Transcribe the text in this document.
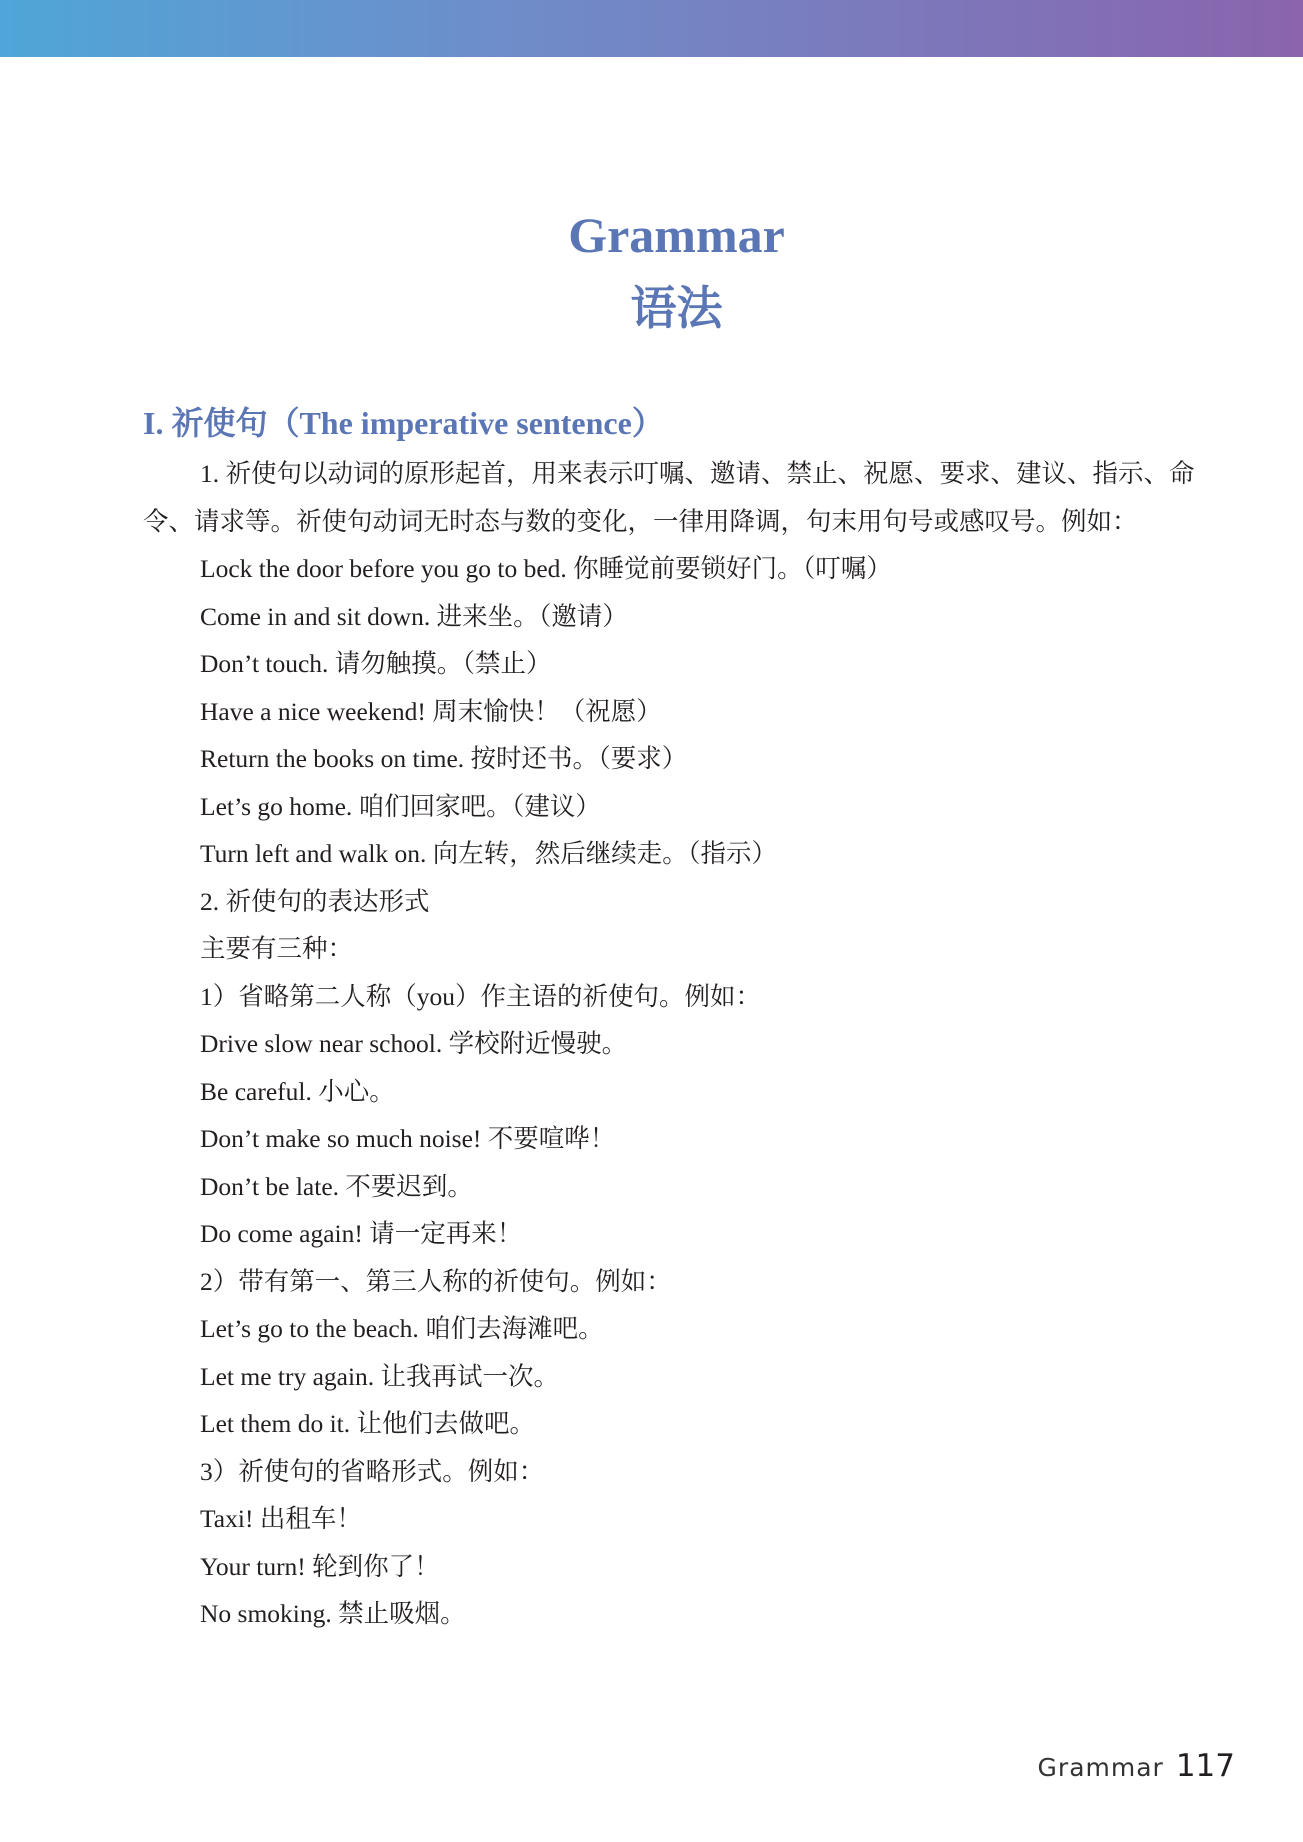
Grammar
语法
I. 祈使句（The imperative sentence）

1. 祈使句以动词的原形起首，用来表示叮嘱、邀请、禁止、祝愿、要求、建议、指示、命令、请求等。祈使句动词无时态与数的变化，一律用降调，句末用句号或感叹号。例如：

Lock the door before you go to bed. 你睡觉前要锁好门。（叮嘱）
Come in and sit down. 进来坐。（邀请）
Don’t touch. 请勿触摸。（禁止）
Have a nice weekend! 周末愉快！（祝愿）
Return the books on time. 按时还书。（要求）
Let’s go home. 咱们回家吧。（建议）
Turn left and walk on. 向左转，然后继续走。（指示）
2. 祈使句的表达形式
主要有三种：
1）省略第二人称（you）作主语的祈使句。例如：
Drive slow near school. 学校附近慢驶。
Be careful. 小心。
Don’t make so much noise! 不要喧哗！
Don’t be late. 不要迟到。
Do come again! 请一定再来！
2）带有第一、第三人称的祈使句。例如：
Let’s go to the beach. 咱们去海滩吧。
Let me try again. 让我再试一次。
Let them do it. 让他们去做吧。
3）祈使句的省略形式。例如：
Taxi! 出租车！
Your turn! 轮到你了！
No smoking. 禁止吸烟。
Grammar 117
